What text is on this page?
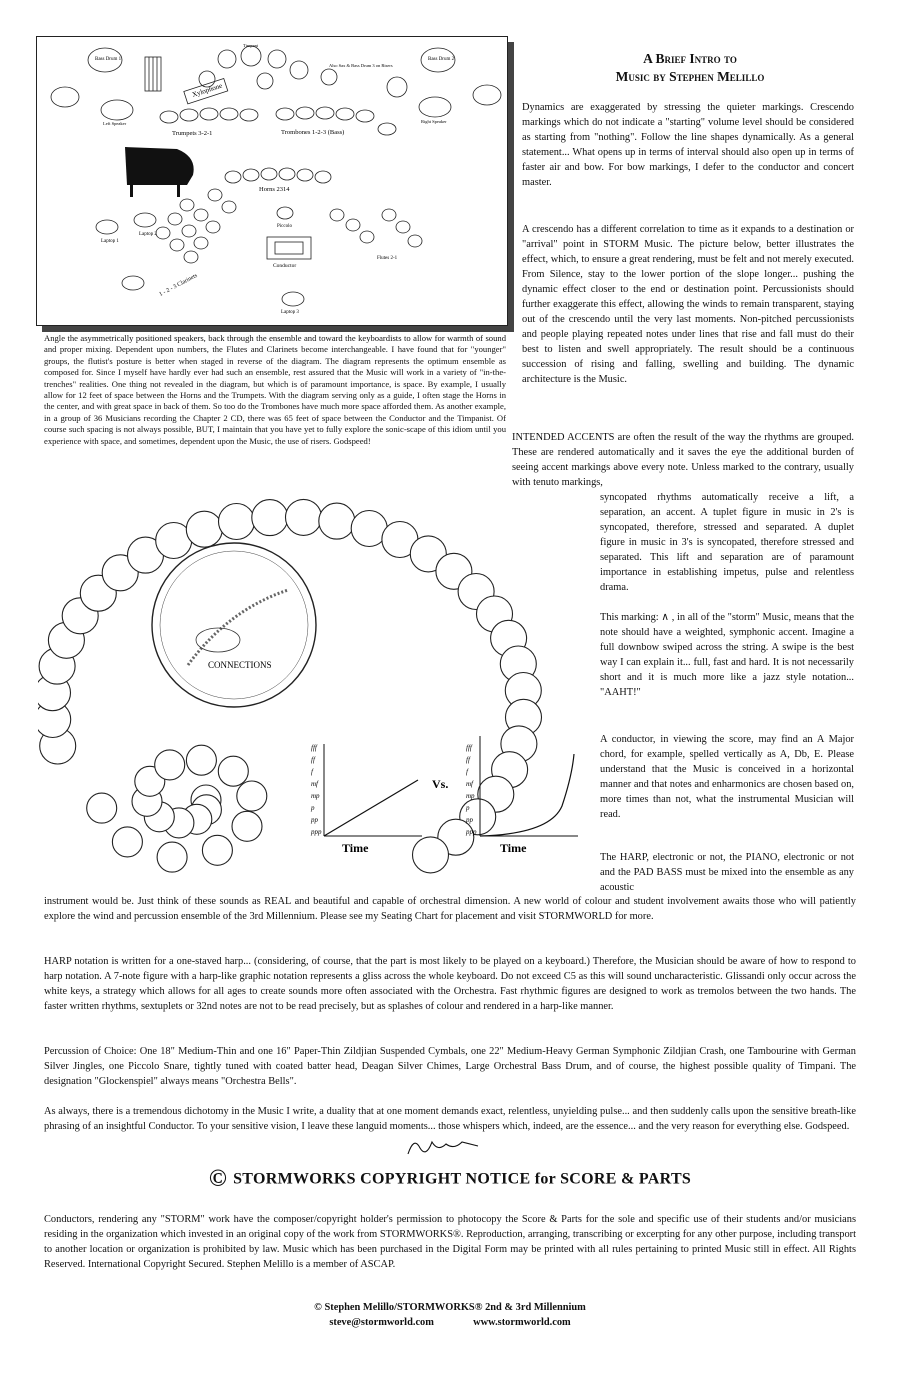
Xylophone
Trumpets 3-2-1	Trombones 1-2-3 (Bass)
Horns 2314
Conductor
1 - 2 - 3 Clarinets
Bass Drum 1	Bass Drum 2
Laptop 1
Laptop 2
Laptop 3
Timpani
Left Speaker	Right Speaker
Also Sax & Bass Drum 3 on Risers
Piccolo
Flutes 2-1
Angle the asymmetrically positioned speakers, back through the ensemble and toward the keyboardists to allow for warmth of sound and proper mixing. Dependent upon numbers, the Flutes and Clarinets become interchangeable. I have found that for "younger" groups, the flutist's posture is better when staged in reverse of the diagram. The diagram represents the optimum ensemble as composed for. Since I myself have hardly ever had such an ensemble, rest assured that the Music will work in a variety of "in-the-trenches" realities. One thing not revealed in the diagram, but which is of paramount importance, is space. By example, I usually allow for 12 feet of space between the Horns and the Trumpets. With the diagram serving only as a guide, I often stage the Horns in the center, and with great space in back of them. So too do the Trombones have much more space afforded them. As another example, in a group of 36 Musicians recording the Chapter 2 CD, there was 65 feet of space between the Conductor and the Timpanist. Of course such spacing is not always possible, BUT, I maintain that you have yet to fully explore the sonic-scape of this idiom until you experience with space, and sometimes, dependent upon the Music, the use of risers. Godspeed!
A Brief Intro to
Music by Stephen Melillo
Dynamics are exaggerated by stressing the quieter markings. Crescendo markings which do not indicate a "starting" volume level should be considered as starting from "nothing". Follow the line shapes dynamically. As a general statement... What opens up in terms of interval should also open up in terms of faster air and bow. For bow markings, I defer to the conductor and concert master.
A crescendo has a different correlation to time as it expands to a destination or "arrival" point in STORM Music. The picture below, better illustrates the effect, which, to ensure a great rendering, must be felt and not merely executed. From Silence, stay to the lower portion of the slope longer... pushing the dynamic effect closer to the end or destination point. Percussionists should further exaggerate this effect, allowing the winds to remain transparent, staying out of the crescendo until the very last moments. Non-pitched percussionists and people playing repeated notes under lines that rise and fall must do their best to listen and swell appropriately. The result should be a continuous succession of rising and falling, swelling and building. The dynamic architecture is the Music.
INTENDED ACCENTS are often the result of the way the rhythms are grouped. These are rendered automatically and it saves the eye the additional burden of seeing accent markings above every note. Unless marked to the contrary, usually with tenuto markings,
syncopated rhythms automatically receive a lift, a separation, an accent. A tuplet figure in music in 2's is syncopated, therefore, stressed and separated. A duplet figure in music in 3's is syncopated, therefore stressed and separated. This lift and separation are of paramount importance in establishing impetus, pulse and relentless drama.
This marking: ∧ , in all of the "storm" Music, means that the note should have a weighted, symphonic accent. Imagine a full downbow swiped across the string. A swipe is the best way I can explain it... full, fast and hard. It is not necessarily short and it is much more like a jazz style notation... "AAHT!"
A conductor, in viewing the score, may find an A Major chord, for example, spelled vertically as A, Db, E. Please understand that the Music is conceived in a horizontal manner and that notes and enharmonics are chosen based on, more times than not, what the instrumental Musician will read.
The HARP, electronic or not, the PIANO, electronic or not and the PAD BASS must be mixed into the ensemble as any acoustic
instrument would be. Just think of these sounds as REAL and beautiful and capable of orchestral dimension. A new world of colour and student involvement awaits those who will patiently explore the wind and percussion ensemble of the 3rd Millennium. Please see my Seating Chart for placement and visit STORMWORLD for more.
CONNECTIONS
fff
ff
f
mf
mp
p
pp
ppp
fff
ff
f
mf
mp
p
pp
ppp
Vs.
Time	Time
HARP notation is written for a one-staved harp... (considering, of course, that the part is most likely to be played on a keyboard.) Therefore, the Musician should be aware of how to respond to harp notation. A 7-note figure with a harp-like graphic notation represents a gliss across the whole keyboard. Do not exceed C5 as this will sound uncharacteristic. Glissandi only occur across the white keys, a strategy which allows for all ages to create sounds more often associated with the Orchestra. Fast rhythmic figures are designed to work as tremolos between the two hands. The faster written rhythms, sextuplets or 32nd notes are not to be read precisely, but as splashes of colour and rendered in a harp-like manner.
Percussion of Choice: One 18" Medium-Thin and one 16" Paper-Thin Zildjian Suspended Cymbals, one 22" Medium-Heavy German Symphonic Zildjian Crash, one Tambourine with German Silver Jingles, one Piccolo Snare, tightly tuned with coated batter head, Deagan Silver Chimes, Large Orchestral Bass Drum, and of course, the highest possible quality of Timpani. The designation "Glockenspiel" always means "Orchestra Bells".
As always, there is a tremendous dichotomy in the Music I write, a duality that at one moment demands exact, relentless, unyielding pulse... and then suddenly calls upon the sensitive breath-like phrasing of an insightful Conductor. To your sensitive vision, I leave these languid moments... those whispers which, indeed, are the essence... and the very reason for everything else. Godspeed.
© STORMWORKS COPYRIGHT NOTICE for SCORE & PARTS
Conductors, rendering any "STORM" work have the composer/copyright holder's permission to photocopy the Score & Parts for the sole and specific use of their students and/or musicians residing in the organization which invested in an original copy of the work from STORMWORKS®. Reproduction, arranging, transcribing or excerpting for any other purpose, including transport to another location or organization is prohibited by law. Music which has been purchased in the Digital Form may be printed with all rules pertaining to printed Music still in effect. All Rights Reserved. International Copyright Secured. Stephen Melillo is a member of ASCAP.
© Stephen Melillo/STORMWORKS® 2nd & 3rd Millennium
steve@stormworld.com	www.stormworld.com
